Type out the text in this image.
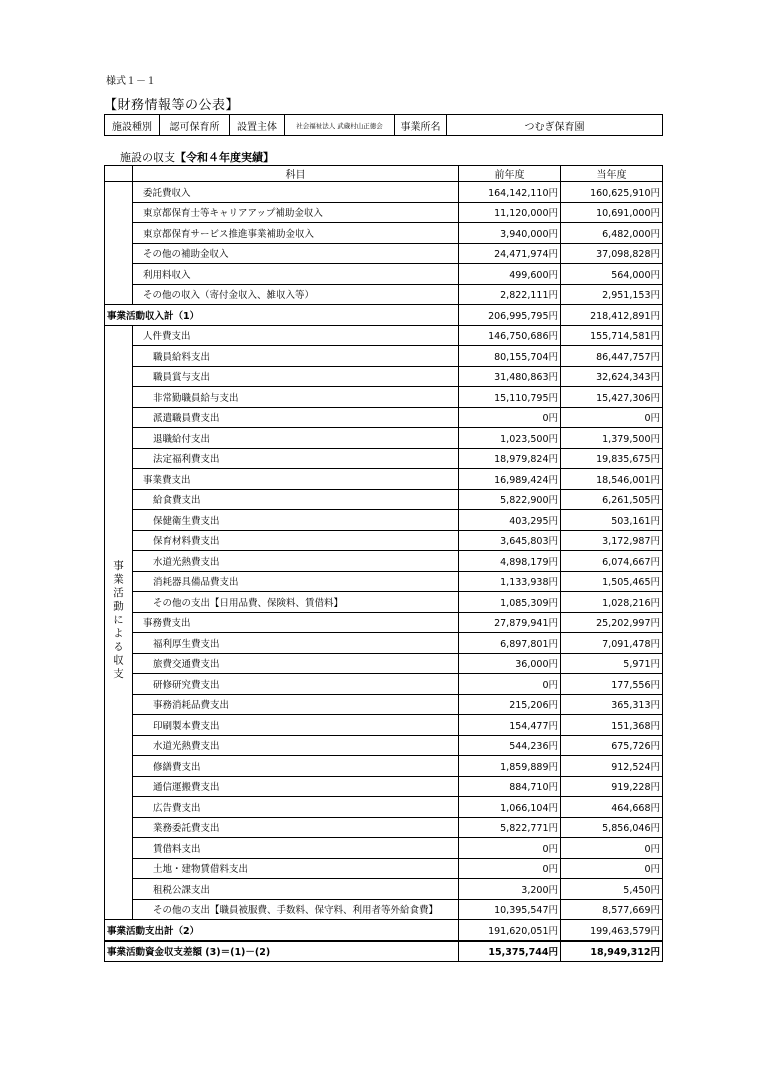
様式１－１
【財務情報等の公表】
施設種別	認可保育所	設置主体	社会福祉法人 武蔵村山正徳会	事業所名	つむぎ保育園
施設の収支【令和４年度実績】
	科目	前年度	当年度
	委託費収入	164,142,110円	160,625,910円
	東京都保育士等キャリアアップ補助金収入	11,120,000円	10,691,000円
	東京都保育サービス推進事業補助金収入	3,940,000円	6,482,000円
	その他の補助金収入	24,471,974円	37,098,828円
	利用料収入	499,600円	564,000円
	その他の収入（寄付金収入、雑収入等）	2,822,111円	2,951,153円
事業活動収入計（1）		206,995,795円	218,412,891円
事業活動による収支	人件費支出	146,750,686円	155,714,581円
	職員給料支出	80,155,704円	86,447,757円
	職員賞与支出	31,480,863円	32,624,343円
	非常勤職員給与支出	15,110,795円	15,427,306円
	派遣職員費支出	0円	0円
	退職給付支出	1,023,500円	1,379,500円
	法定福利費支出	18,979,824円	19,835,675円
	事業費支出	16,989,424円	18,546,001円
	給食費支出	5,822,900円	6,261,505円
	保健衛生費支出	403,295円	503,161円
	保育材料費支出	3,645,803円	3,172,987円
	水道光熱費支出	4,898,179円	6,074,667円
	消耗器具備品費支出	1,133,938円	1,505,465円
	その他の支出【日用品費、保険料、賃借料】	1,085,309円	1,028,216円
	事務費支出	27,879,941円	25,202,997円
	福利厚生費支出	6,897,801円	7,091,478円
	旅費交通費支出	36,000円	5,971円
	研修研究費支出	0円	177,556円
	事務消耗品費支出	215,206円	365,313円
	印刷製本費支出	154,477円	151,368円
	水道光熱費支出	544,236円	675,726円
	修繕費支出	1,859,889円	912,524円
	通信運搬費支出	884,710円	919,228円
	広告費支出	1,066,104円	464,668円
	業務委託費支出	5,822,771円	5,856,046円
	賃借料支出	0円	0円
	土地・建物賃借料支出	0円	0円
	租税公課支出	3,200円	5,450円
	その他の支出【職員被服費、手数料、保守料、利用者等外給食費】	10,395,547円	8,577,669円
事業活動支出計（2）		191,620,051円	199,463,579円
事業活動資金収支差額 (3)＝(1)－(2)		15,375,744円	18,949,312円
